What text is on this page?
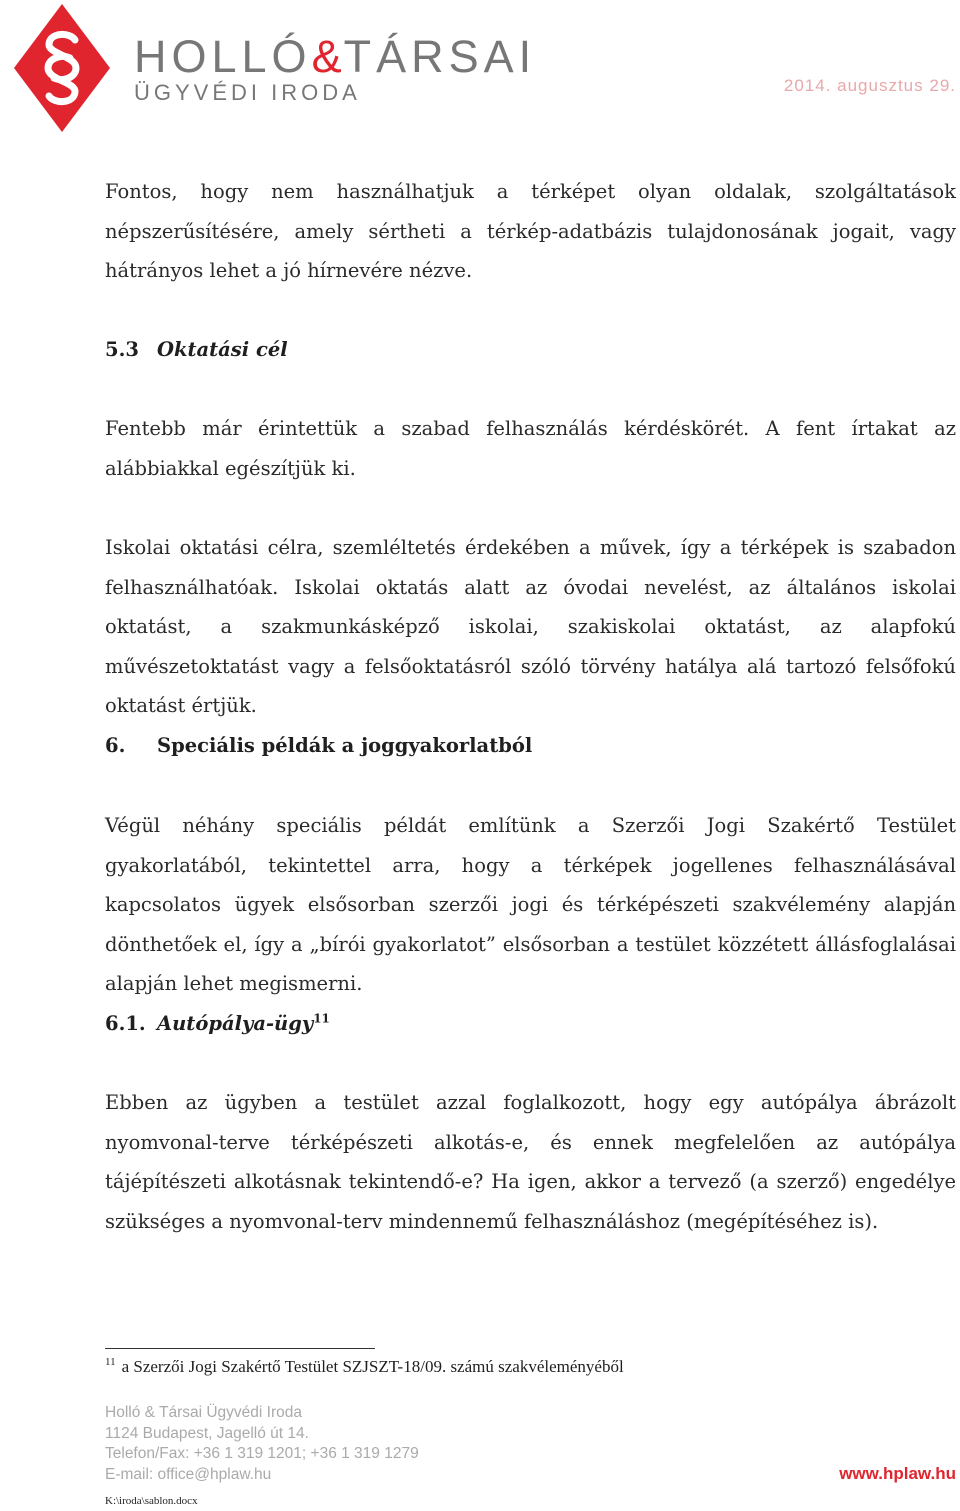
HOLLÓ&TÁRSAI
ÜGYVÉDI IRODA	2014. augusztus 29.

Fontos, hogy nem használhatjuk a térképet olyan oldalak, szolgáltatások népszerűsítésére, amely sértheti a térkép-adatbázis tulajdonosának jogait, vagy hátrányos lehet a jó hírnevére nézve.

5.3 Oktatási cél

Fentebb már érintettük a szabad felhasználás kérdéskörét. A fent írtakat az alábbiakkal egészítjük ki.

Iskolai oktatási célra, szemléltetés érdekében a művek, így a térképek is szabadon felhasználhatóak. Iskolai oktatás alatt az óvodai nevelést, az általános iskolai oktatást, a szakmunkásképző iskolai, szakiskolai oktatást, az alapfokú művészetoktatást vagy a felsőoktatásról szóló törvény hatálya alá tartozó felsőfokú oktatást értjük.

6. Speciális példák a joggyakorlatból

Végül néhány speciális példát említünk a Szerzői Jogi Szakértő Testület gyakorlatából, tekintettel arra, hogy a térképek jogellenes felhasználásával kapcsolatos ügyek elsősorban szerzői jogi és térképészeti szakvélemény alapján dönthetőek el, így a „bírói gyakorlatot” elsősorban a testület közzétett állásfoglalásai alapján lehet megismerni.

6.1. Autópálya-ügy$^{11}$

Ebben az ügyben a testület azzal foglalkozott, hogy egy autópálya ábrázolt nyomvonal-terve térképészeti alkotás-e, és ennek megfelelően az autópálya tájépítészeti alkotásnak tekintendő-e? Ha igen, akkor a tervező (a szerző) engedélye szükséges a nyomvonal-terv mindennemű felhasználáshoz (megépítéséhez is).

$^{11}$ a Szerzői Jogi Szakértő Testület SZJSZT-18/09. számú szakvéleményéből
Holló & Társai Ügyvédi Iroda
1124 Budapest, Jagelló út 14.
Telefon/Fax: +36 1 319 1201; +36 1 319 1279
E-mail: office@hplaw.hu	www.hplaw.hu
K:\iroda\sablon.docx
